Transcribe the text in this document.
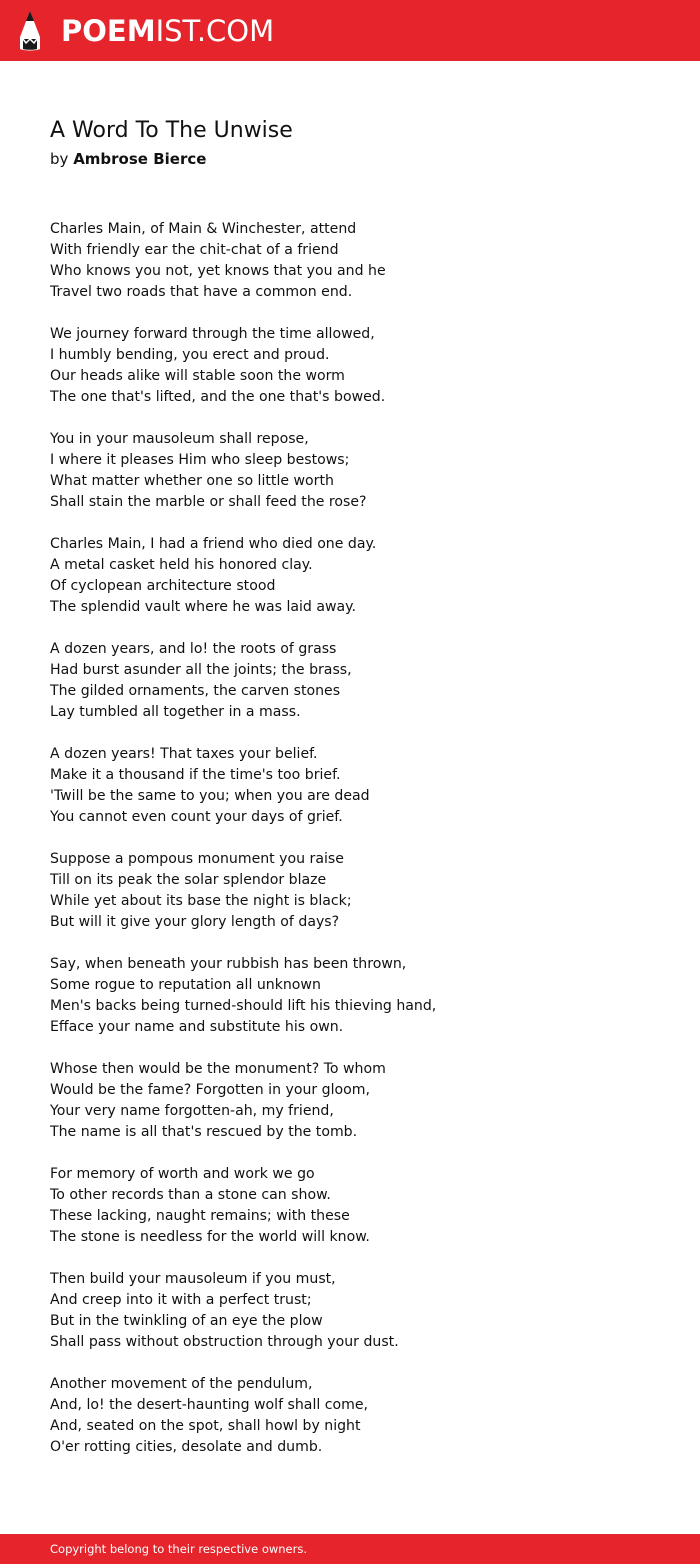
POEMIST.COM
A Word To The Unwise
by Ambrose Bierce
Charles Main, of Main & Winchester, attend
With friendly ear the chit-chat of a friend
Who knows you not, yet knows that you and he
Travel two roads that have a common end.
We journey forward through the time allowed,
I humbly bending, you erect and proud.
Our heads alike will stable soon the worm
The one that's lifted, and the one that's bowed.
You in your mausoleum shall repose,
I where it pleases Him who sleep bestows;
What matter whether one so little worth
Shall stain the marble or shall feed the rose?
Charles Main, I had a friend who died one day.
A metal casket held his honored clay.
Of cyclopean architecture stood
The splendid vault where he was laid away.
A dozen years, and lo! the roots of grass
Had burst asunder all the joints; the brass,
The gilded ornaments, the carven stones
Lay tumbled all together in a mass.
A dozen years! That taxes your belief.
Make it a thousand if the time's too brief.
'Twill be the same to you; when you are dead
You cannot even count your days of grief.
Suppose a pompous monument you raise
Till on its peak the solar splendor blaze
While yet about its base the night is black;
But will it give your glory length of days?
Say, when beneath your rubbish has been thrown,
Some rogue to reputation all unknown
Men's backs being turned-should lift his thieving hand,
Efface your name and substitute his own.
Whose then would be the monument? To whom
Would be the fame? Forgotten in your gloom,
Your very name forgotten-ah, my friend,
The name is all that's rescued by the tomb.
For memory of worth and work we go
To other records than a stone can show.
These lacking, naught remains; with these
The stone is needless for the world will know.
Then build your mausoleum if you must,
And creep into it with a perfect trust;
But in the twinkling of an eye the plow
Shall pass without obstruction through your dust.
Another movement of the pendulum,
And, lo! the desert-haunting wolf shall come,
And, seated on the spot, shall howl by night
O'er rotting cities, desolate and dumb.
Copyright belong to their respective owners.
